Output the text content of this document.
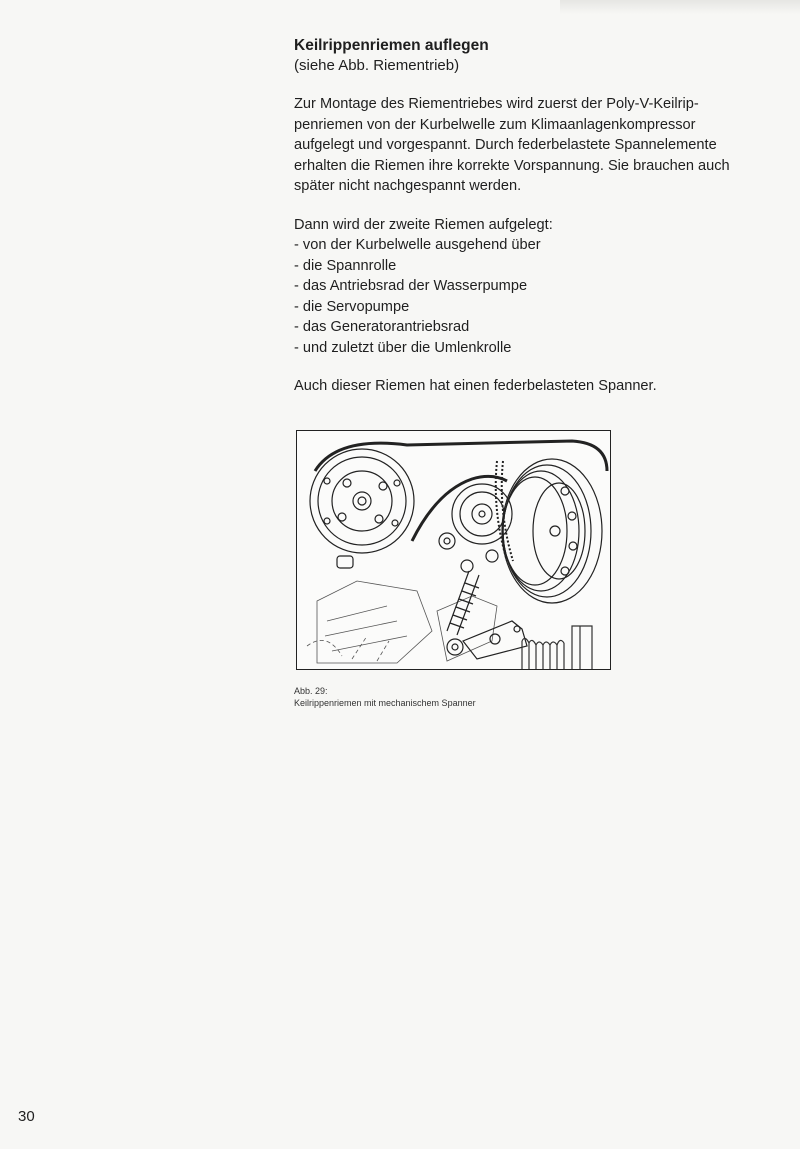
Keilrippenriemen auflegen

(siehe Abb. Riementrieb)

Zur Montage des Riementriebes wird zuerst der Poly-V-Keilrip-
penriemen von der Kurbelwelle zum Klimaanlagenkompressor
aufgelegt und vorgespannt. Durch federbelastete Spannelemente
erhalten die Riemen ihre korrekte Vorspannung. Sie brauchen auch
später nicht nachgespannt werden.

Dann wird der zweite Riemen aufgelegt:

- von der Kurbelwelle ausgehend über
- die Spannrolle
- das Antriebsrad der Wasserpumpe
- die Servopumpe
- das Generatorantriebsrad
- und zuletzt über die Umlenkrolle

Auch dieser Riemen hat einen federbelasteten Spanner.

Abb. 29:
Keilrippenriemen mit mechanischem Spanner
30
